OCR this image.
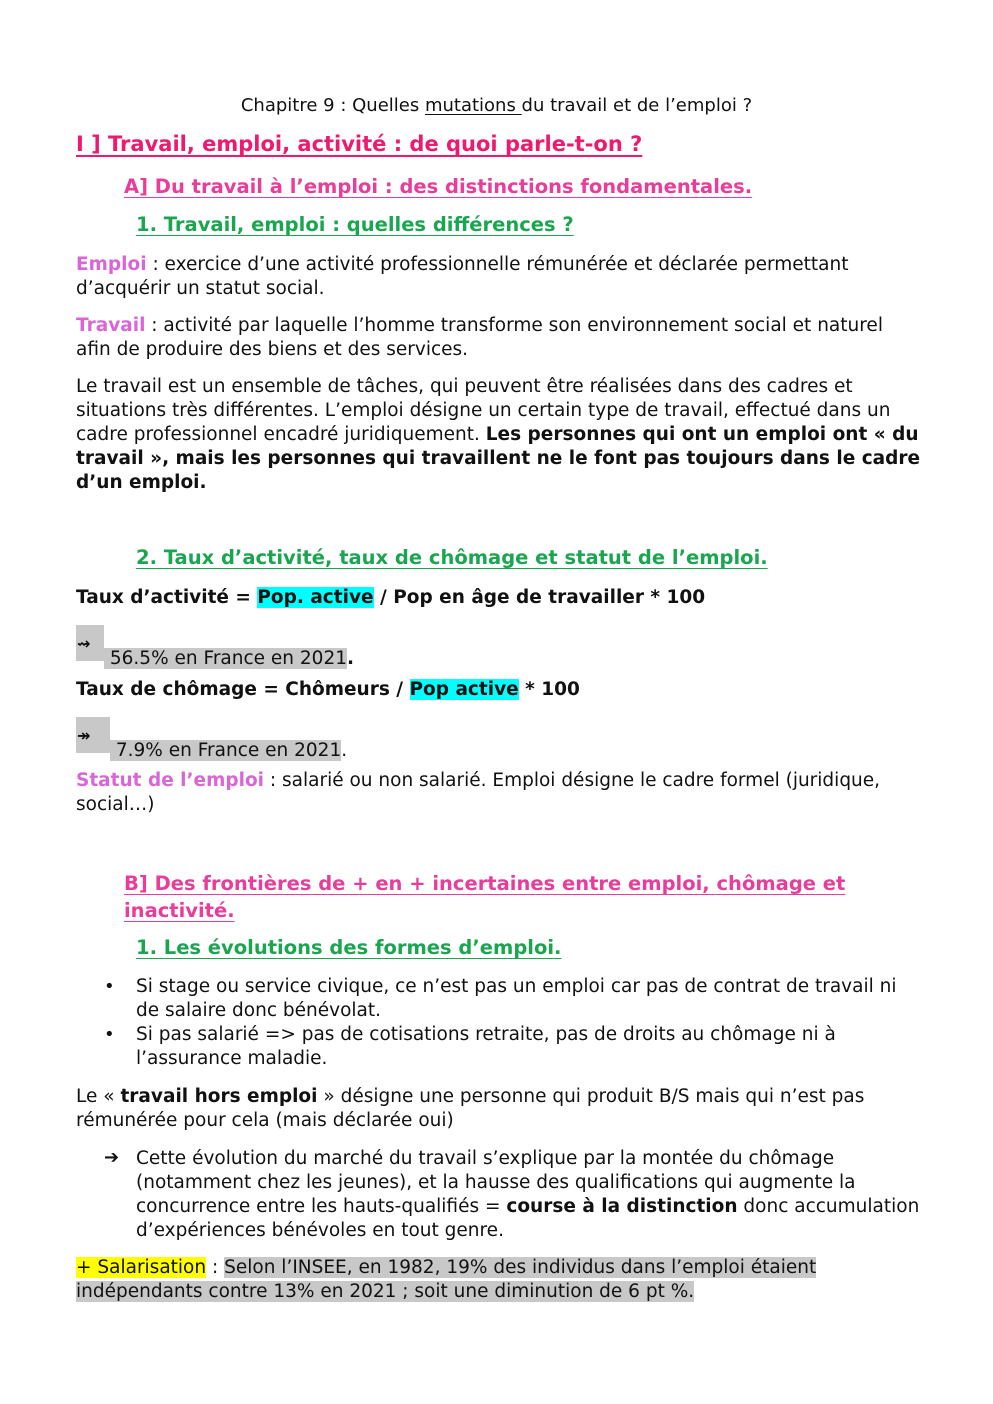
Chapitre 9 : Quelles mutations du travail et de l’emploi ?
I ] Travail, emploi, activité : de quoi parle-t-on ?
A] Du travail à l’emploi : des distinctions fondamentales.
1. Travail, emploi : quelles différences ?
Emploi : exercice d’une activité professionnelle rémunérée et déclarée permettant
d’acquérir un statut social.
Travail : activité par laquelle l’homme transforme son environnement social et naturel
afin de produire des biens et des services.
Le travail est un ensemble de tâches, qui peuvent être réalisées dans des cadres et
situations très différentes. L’emploi désigne un certain type de travail, effectué dans un
cadre professionnel encadré juridiquement. Les personnes qui ont un emploi ont « du
travail », mais les personnes qui travaillent ne le font pas toujours dans le cadre
d’un emploi.
2. Taux d’activité, taux de chômage et statut de l’emploi.
Taux d’activité = Pop. active / Pop en âge de travailler * 100
⇝
56.5% en France en 2021.
Taux de chômage = Chômeurs / Pop active * 100
↠
7.9% en France en 2021.
Statut de l’emploi : salarié ou non salarié. Emploi désigne le cadre formel (juridique,
social…)
B] Des frontières de + en + incertaines entre emploi, chômage et
inactivité.
1. Les évolutions des formes d’emploi.
• Si stage ou service civique, ce n’est pas un emploi car pas de contrat de travail ni
de salaire donc bénévolat.
• Si pas salarié => pas de cotisations retraite, pas de droits au chômage ni à
l’assurance maladie.
Le « travail hors emploi » désigne une personne qui produit B/S mais qui n’est pas
rémunérée pour cela (mais déclarée oui)
➔ Cette évolution du marché du travail s’explique par la montée du chômage
(notamment chez les jeunes), et la hausse des qualifications qui augmente la
concurrence entre les hauts-qualifiés = course à la distinction donc accumulation
d’expériences bénévoles en tout genre.
+ Salarisation : Selon l’INSEE, en 1982, 19% des individus dans l’emploi étaient
indépendants contre 13% en 2021 ; soit une diminution de 6 pt %.
